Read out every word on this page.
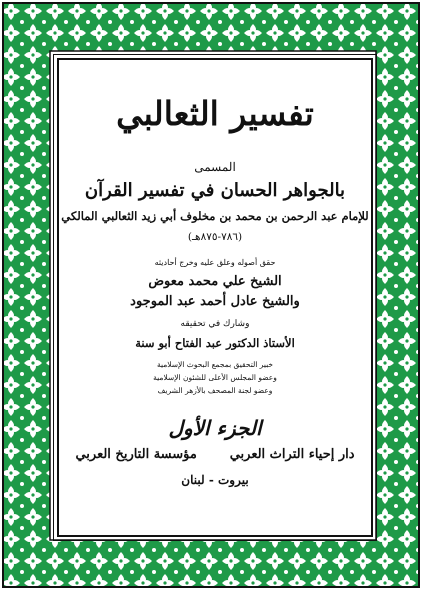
تفسير الثعالبي
المسمى
بالجواهر الحسان في تفسير القرآن
للإمام عبد الرحمن بن محمد بن مخلوف أبي زيد الثعالبي المالكي
(٧٨٦-٨٧٥هـ)
حقق أصوله وعلق عليه وخرج أحاديثه
الشيخ علي محمد معوض
والشيخ عادل أحمد عبد الموجود
وشارك في تحقيقه
الأستاذ الدكتور عبد الفتاح أبو سنة
خبير التحقيق بمجمع البحوث الإسلامية
وعضو المجلس الأعلى للشئون الإسلامية
وعضو لجنة المصحف بالأزهر الشريف
الجزء الأول
دار إحياء التراث العربي
مؤسسة التاريخ العربي
بيروت - لبنان
